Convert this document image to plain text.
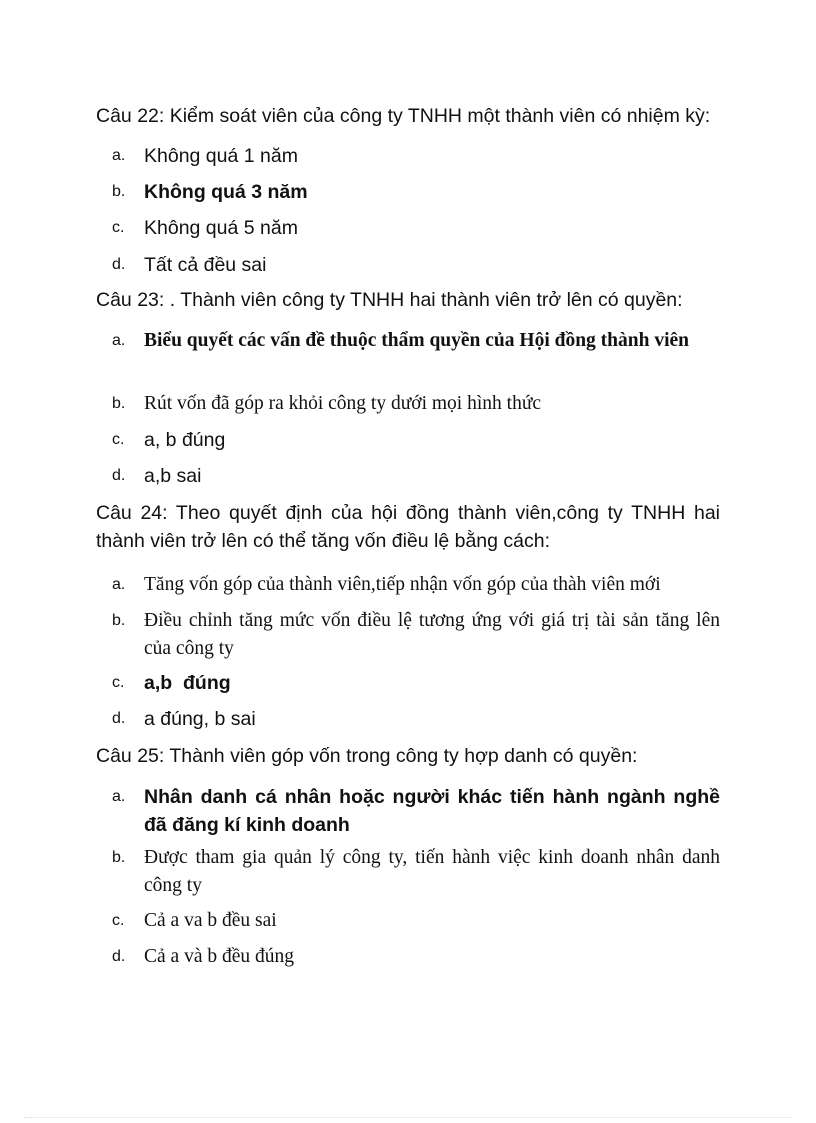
Câu 22: Kiểm soát viên của công ty TNHH một thành viên có nhiệm kỳ:
a. Không quá 1 năm
b. Không quá 3 năm
c.	Không quá 5 năm
d. Tất cả đều sai
Câu 23: . Thành viên công ty TNHH hai thành viên trở lên có quyền:
a. Biểu quyết các vấn đề thuộc thẩm quyền của Hội đồng thành viên
b. Rút vốn đã góp ra khỏi công ty dưới mọi hình thức
c.	a, b đúng
d. a,b sai
Câu 24: Theo quyết định của hội đồng thành viên,công ty TNHH hai thành viên trở lên có thể tăng vốn điều lệ bằng cách:
a. Tăng vốn góp của thành viên,tiếp nhận vốn góp của thàh viên mới
b. Điều chỉnh tăng mức vốn điều lệ tương ứng với giá trị tài sản tăng lên của công ty
c.	a,b  đúng
d. a đúng, b sai
Câu 25: Thành viên góp vốn trong công ty hợp danh có quyền:
a. Nhân danh cá nhân hoặc người khác tiến hành ngành nghề đã đăng kí kinh doanh
b. Được tham gia quản lý công ty, tiến hành việc kinh doanh nhân danh công ty
c.	Cả a va b đều sai
d. Cả a và b đều đúng
